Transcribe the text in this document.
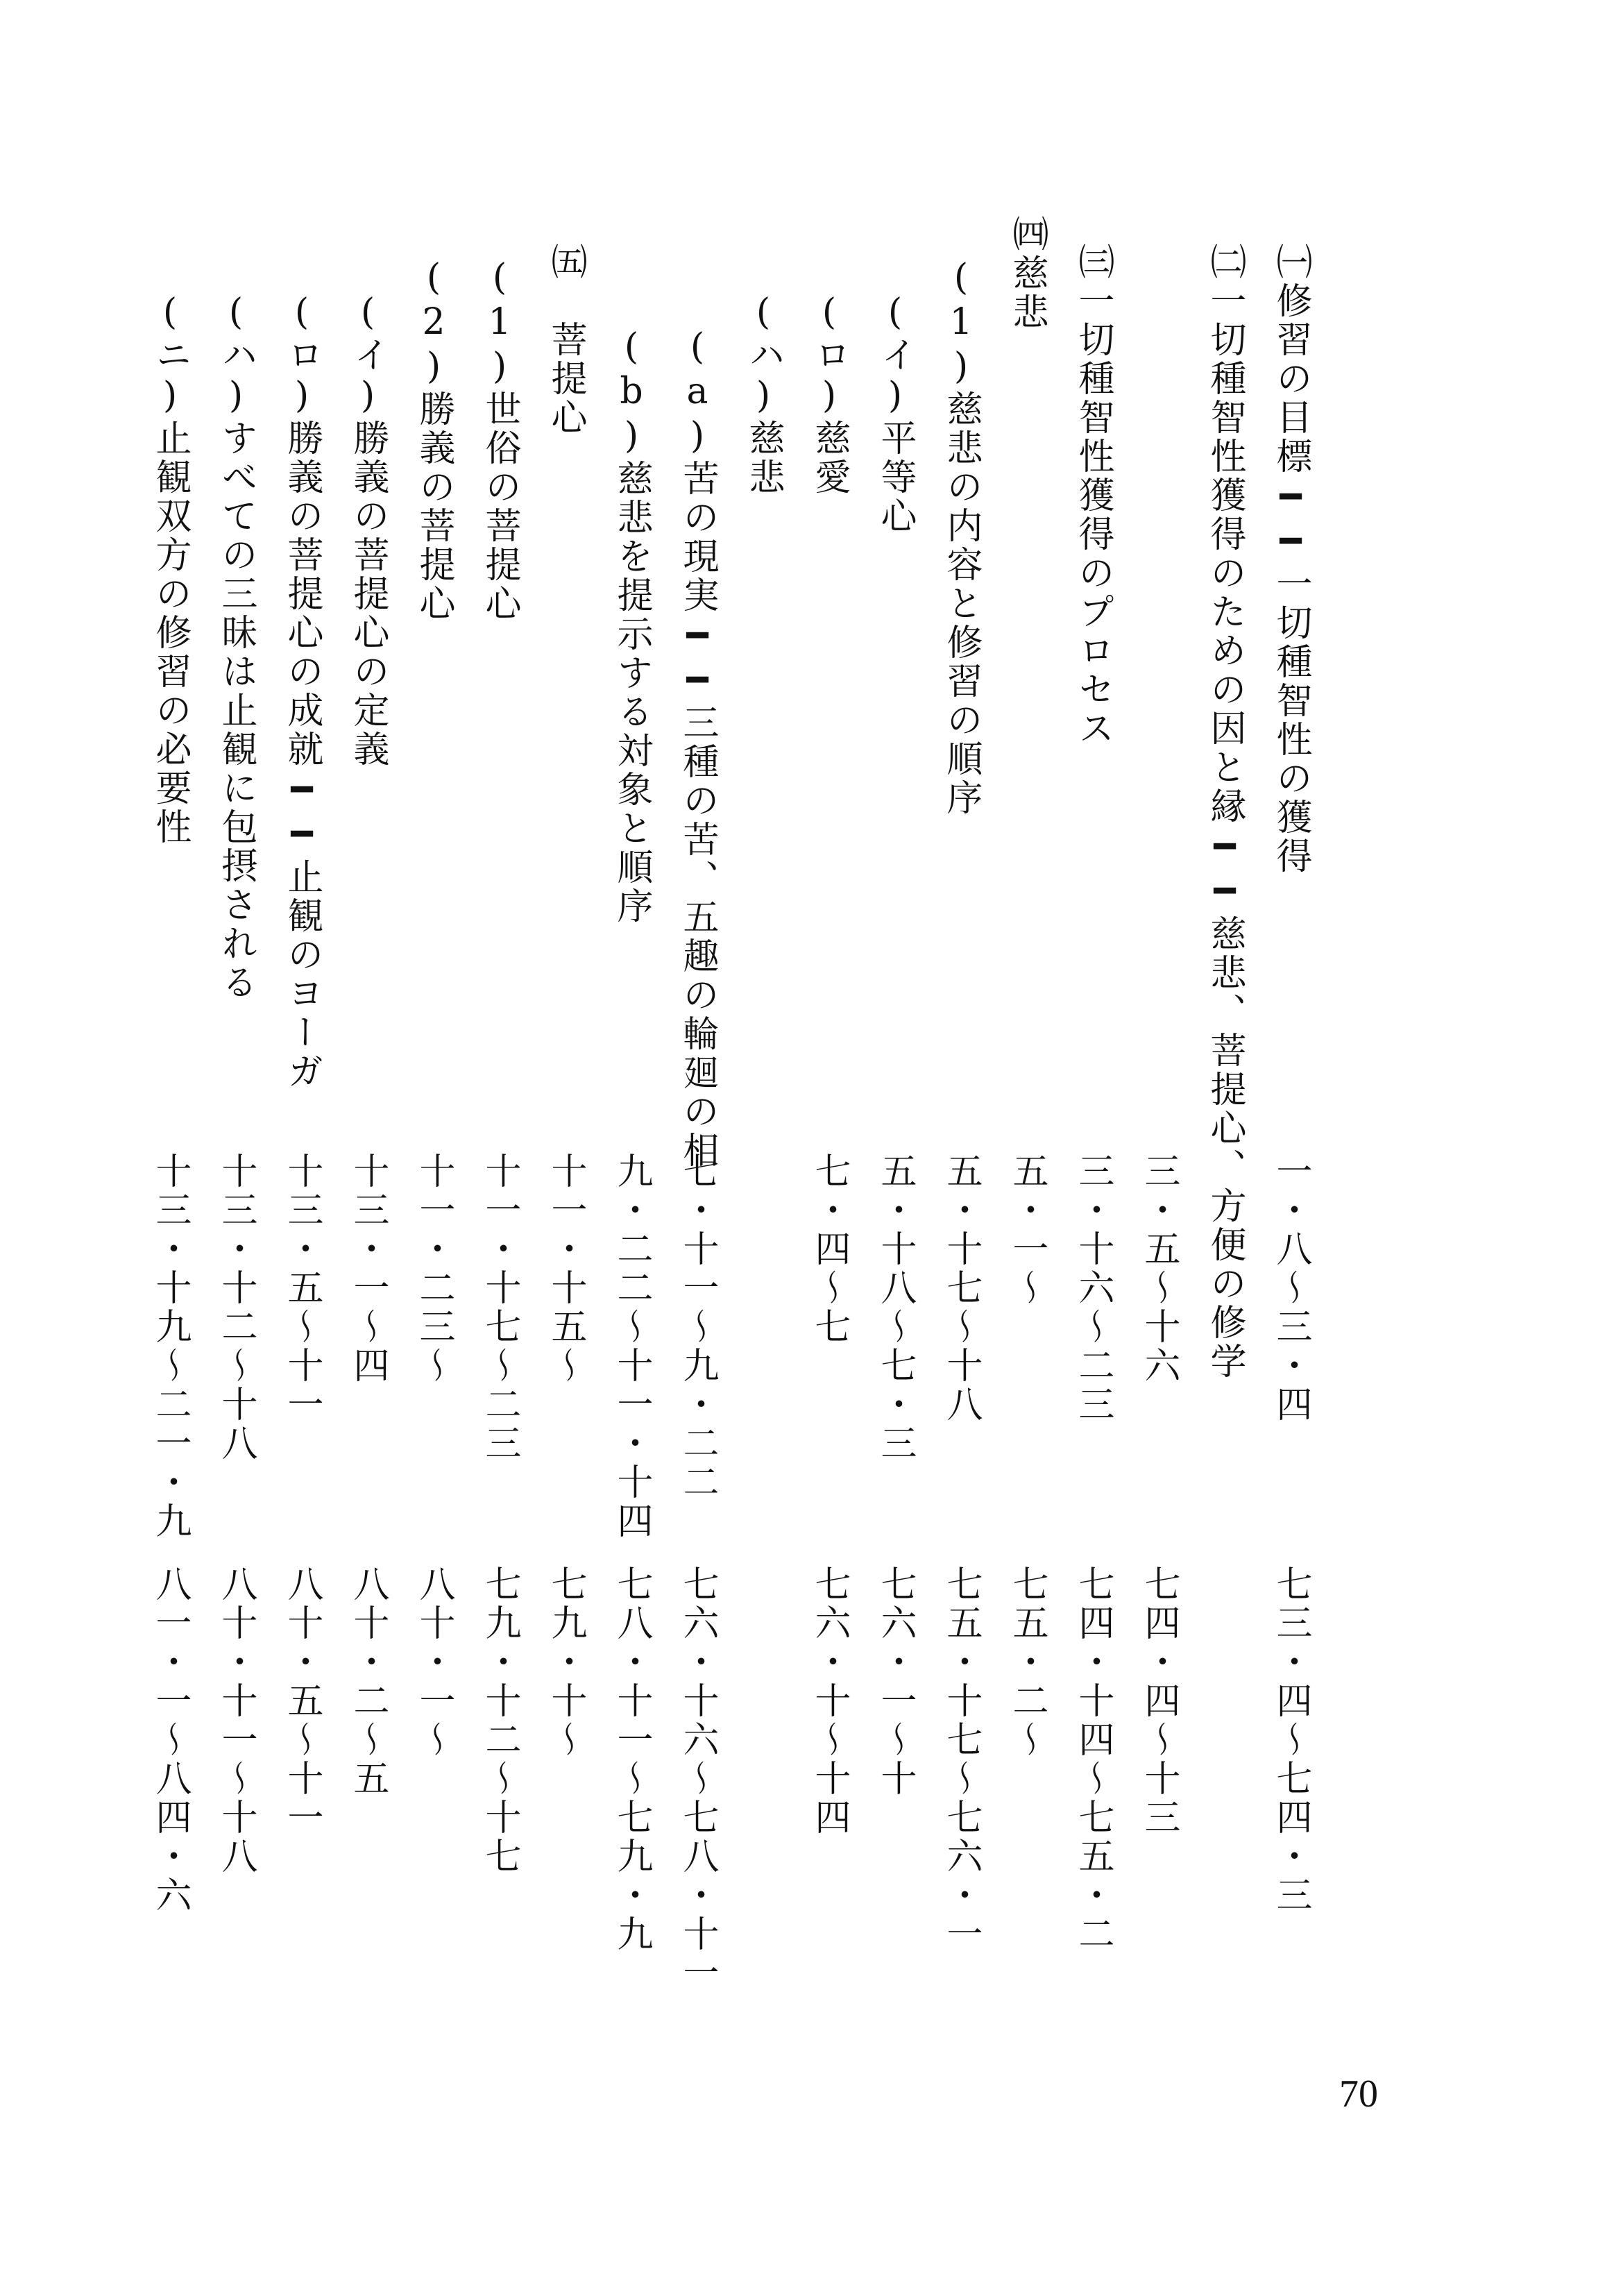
㈠修習の目標━━一切種智性の獲得
一・八～三・四
七三・四～七四・三
㈡一切種智性獲得のための因と縁━━慈悲、菩提心、方便の修学
三・五～十六
七四・四～十三
㈢一切種智性獲得のプロセス
三・十六～二三
七四・十四～七五・二
㈣慈悲
五・一～
七五・二～
(1)慈悲の内容と修習の順序
五・十七～十八
七五・十七～七六・一
(イ)平等心
五・十八～七・三
七六・一～十
(ロ)慈愛
七・四～七
七六・十～十四
(ハ)慈悲
(a)苦の現実━━三種の苦、五趣の輪廻の相
七・十一～九・二二
七六・十六～七八・十一
(b)慈悲を提示する対象と順序
九・二二～十一・十四
七八・十一～七九・九
㈤　菩提心
十一・十五～
七九・十～
(1)世俗の菩提心
十一・十七～二三
七九・十二～十七
(2)勝義の菩提心
十一・二三～
八十・一～
(イ)勝義の菩提心の定義
十三・一～四
八十・二～五
(ロ)勝義の菩提心の成就━━止観のヨーガ
十三・五～十一
八十・五～十一
(ハ)すべての三昧は止観に包摂される
十三・十二～十八
八十・十一～十八
(ニ)止観双方の修習の必要性
十三・十九～二一・九
八一・一～八四・六
70
